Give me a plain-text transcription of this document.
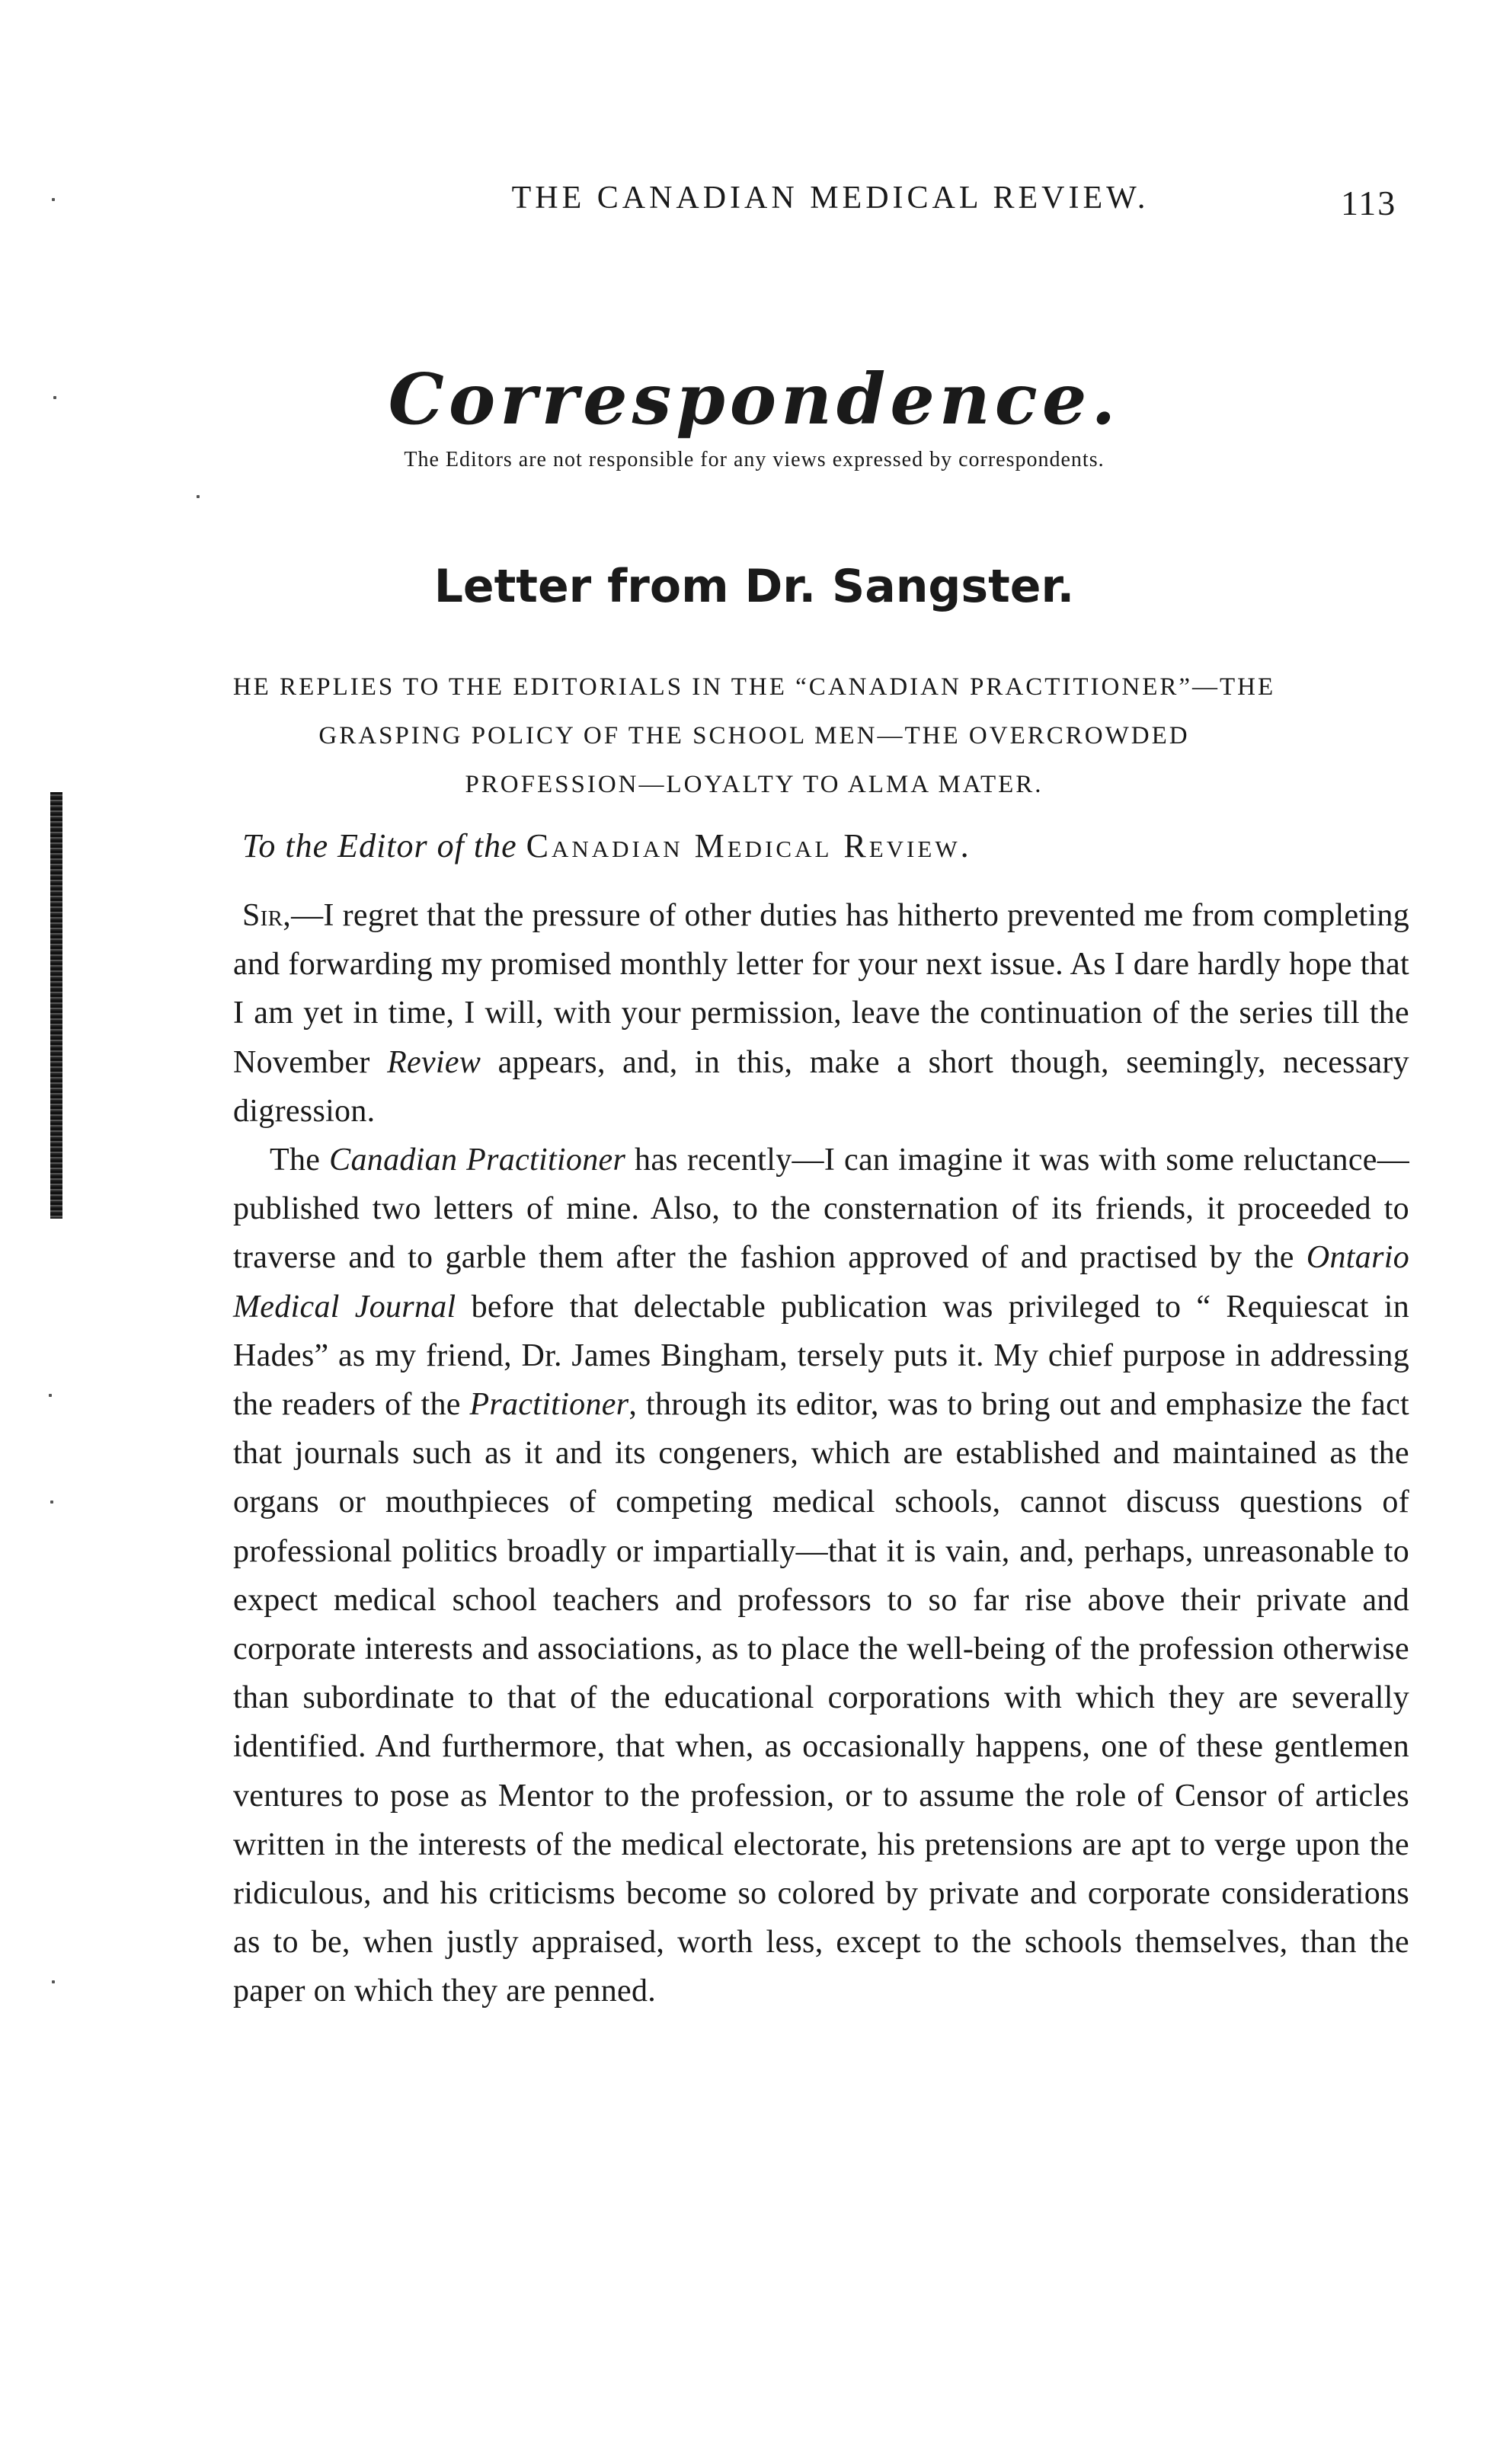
THE CANADIAN MEDICAL REVIEW.	113
Correspondence.
The Editors are not responsible for any views expressed by correspondents.
Letter from Dr. Sangster.
HE REPLIES TO THE EDITORIALS IN THE “CANADIAN PRACTITIONER”—THE GRASPING POLICY OF THE SCHOOL MEN—THE OVERCROWDED PROFESSION—LOYALTY TO ALMA MATER.
To the Editor of the Canadian Medical Review.

Sir,—I regret that the pressure of other duties has hitherto prevented me from completing and forwarding my promised monthly letter for your next issue. As I dare hardly hope that I am yet in time, I will, with your permission, leave the continuation of the series till the November Review appears, and, in this, make a short though, seemingly, necessary digression.

The Canadian Practitioner has recently—I can imagine it was with some reluctance—published two letters of mine. Also, to the consternation of its friends, it proceeded to traverse and to garble them after the fashion approved of and practised by the Ontario Medical Journal before that delectable publication was privileged to “ Requiescat in Hades” as my friend, Dr. James Bingham, tersely puts it. My chief purpose in addressing the readers of the Practitioner, through its editor, was to bring out and emphasize the fact that journals such as it and its congeners, which are established and maintained as the organs or mouthpieces of competing medical schools, cannot discuss questions of professional politics broadly or impartially—that it is vain, and, perhaps, unreasonable to expect medical school teachers and professors to so far rise above their private and corporate interests and associations, as to place the well-being of the profession otherwise than subordinate to that of the educational corporations with which they are severally identified. And furthermore, that when, as occasionally happens, one of these gentlemen ventures to pose as Mentor to the profession, or to assume the role of Censor of articles written in the interests of the medical electorate, his pretensions are apt to verge upon the ridiculous, and his criticisms become so colored by private and corporate considerations as to be, when justly appraised, worth less, except to the schools themselves, than the paper on which they are penned.
